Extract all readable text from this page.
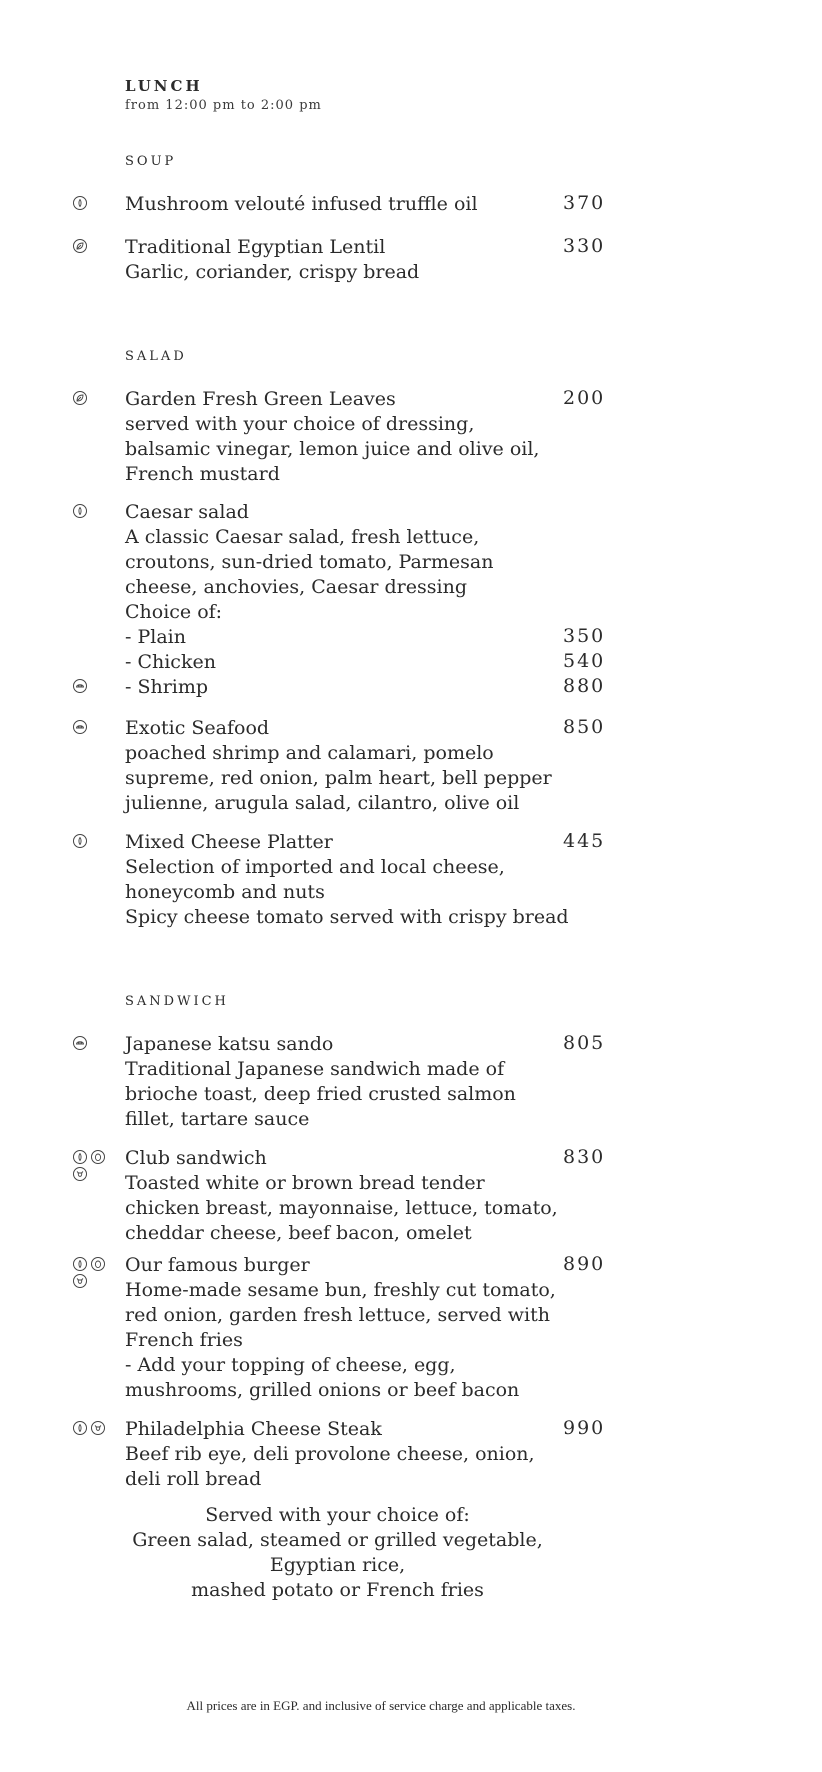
LUNCH
from 12:00 pm to 2:00 pm
SOUP
Mushroom velouté infused truffle oil	370
Traditional Egyptian Lentil
Garlic, coriander, crispy bread
330
SALAD
Garden Fresh Green Leaves
served with your choice of dressing,
balsamic vinegar, lemon juice and olive oil,
French mustard
200
Caesar salad
A classic Caesar salad, fresh lettuce,
croutons, sun-dried tomato, Parmesan
cheese, anchovies, Caesar dressing
Choice of:
- Plain
- Chicken
- Shrimp
350
540
880
Exotic Seafood
poached shrimp and calamari, pomelo
supreme, red onion, palm heart, bell pepper
julienne, arugula salad, cilantro, olive oil
850
Mixed Cheese Platter
Selection of imported and local cheese,
honeycomb and nuts
Spicy cheese tomato served with crispy bread
445
SANDWICH
Japanese katsu sando
Traditional Japanese sandwich made of
brioche toast, deep fried crusted salmon
fillet, tartare sauce
805
Club sandwich
Toasted white or brown bread tender
chicken breast, mayonnaise, lettuce, tomato,
cheddar cheese, beef bacon, omelet
830
Our famous burger
Home-made sesame bun, freshly cut tomato,
red onion, garden fresh lettuce, served with
French fries
- Add your topping of cheese, egg,
mushrooms, grilled onions or beef bacon
890
Philadelphia Cheese Steak
Beef rib eye, deli provolone cheese, onion,
deli roll bread
990
Served with your choice of:
Green salad, steamed or grilled vegetable,
Egyptian rice,
mashed potato or French fries
All prices are in EGP. and inclusive of service charge and applicable taxes.
